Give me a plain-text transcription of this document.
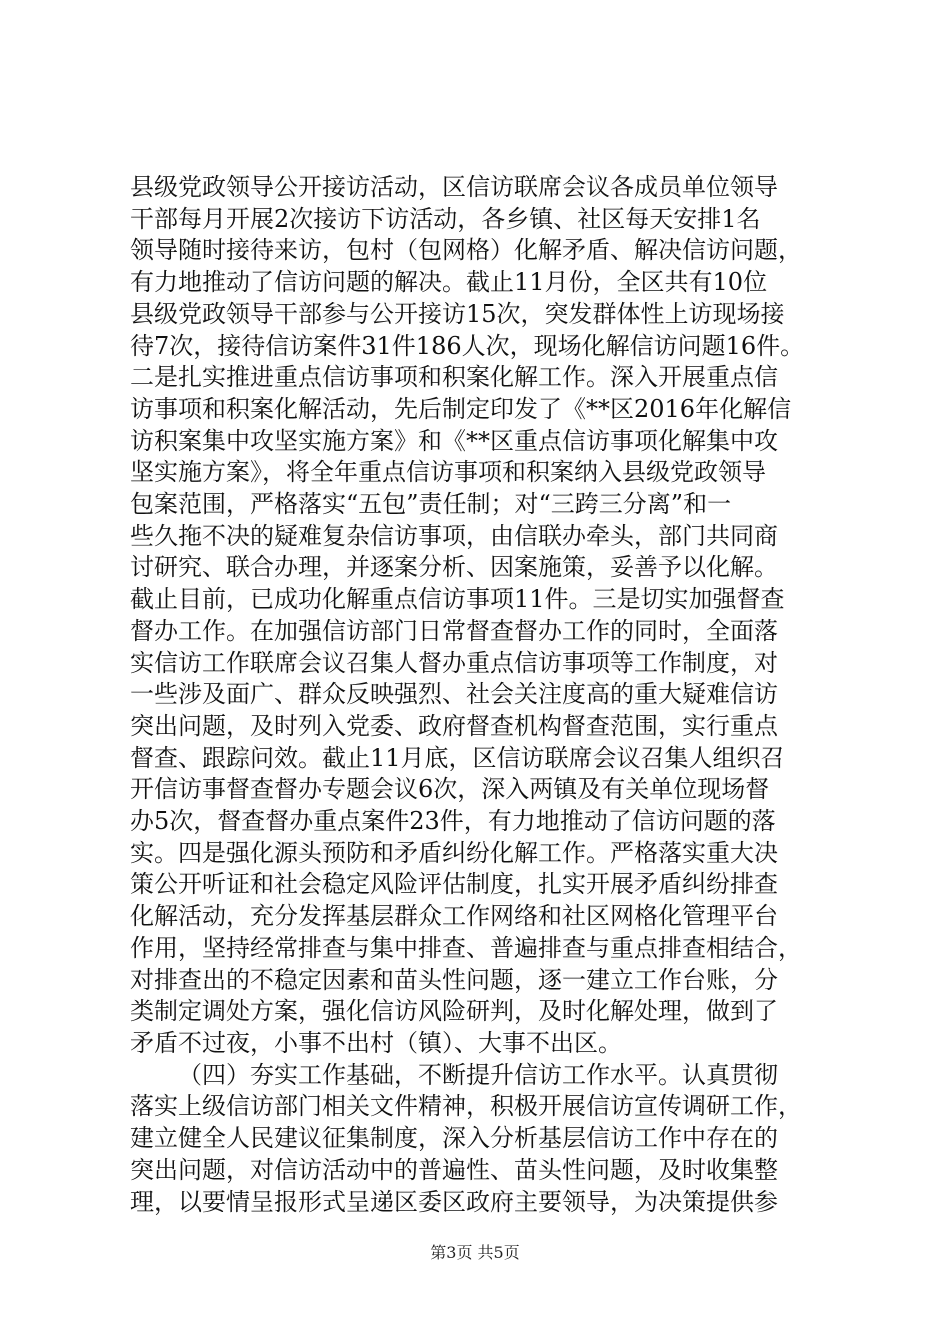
县级党政领导公开接访活动，区信访联席会议各成员单位领导
干部每月开展2次接访下访活动，各乡镇、社区每天安排1名
领导随时接待来访，包村（包网格）化解矛盾、解决信访问题，
有力地推动了信访问题的解决。截止11月份，全区共有10位
县级党政领导干部参与公开接访15次，突发群体性上访现场接
待7次，接待信访案件31件186人次，现场化解信访问题16件。
二是扎实推进重点信访事项和积案化解工作。深入开展重点信
访事项和积案化解活动，先后制定印发了《**区2016年化解信
访积案集中攻坚实施方案》和《**区重点信访事项化解集中攻
坚实施方案》，将全年重点信访事项和积案纳入县级党政领导
包案范围，严格落实“五包”责任制；对“三跨三分离”和一
些久拖不决的疑难复杂信访事项，由信联办牵头，部门共同商
讨研究、联合办理，并逐案分析、因案施策，妥善予以化解。
截止目前，已成功化解重点信访事项11件。三是切实加强督查
督办工作。在加强信访部门日常督查督办工作的同时，全面落
实信访工作联席会议召集人督办重点信访事项等工作制度，对
一些涉及面广、群众反映强烈、社会关注度高的重大疑难信访
突出问题，及时列入党委、政府督查机构督查范围，实行重点
督查、跟踪问效。截止11月底，区信访联席会议召集人组织召
开信访事督查督办专题会议6次，深入两镇及有关单位现场督
办5次，督查督办重点案件23件，有力地推动了信访问题的落
实。四是强化源头预防和矛盾纠纷化解工作。严格落实重大决
策公开听证和社会稳定风险评估制度，扎实开展矛盾纠纷排查
化解活动，充分发挥基层群众工作网络和社区网格化管理平台
作用，坚持经常排查与集中排查、普遍排查与重点排查相结合，
对排查出的不稳定因素和苗头性问题，逐一建立工作台账，分
类制定调处方案，强化信访风险研判，及时化解处理，做到了
矛盾不过夜，小事不出村（镇）、大事不出区。
（四）夯实工作基础，不断提升信访工作水平。认真贯彻
落实上级信访部门相关文件精神，积极开展信访宣传调研工作，
建立健全人民建议征集制度，深入分析基层信访工作中存在的
突出问题，对信访活动中的普遍性、苗头性问题，及时收集整
理，以要情呈报形式呈递区委区政府主要领导，为决策提供参
第3页 共5页
